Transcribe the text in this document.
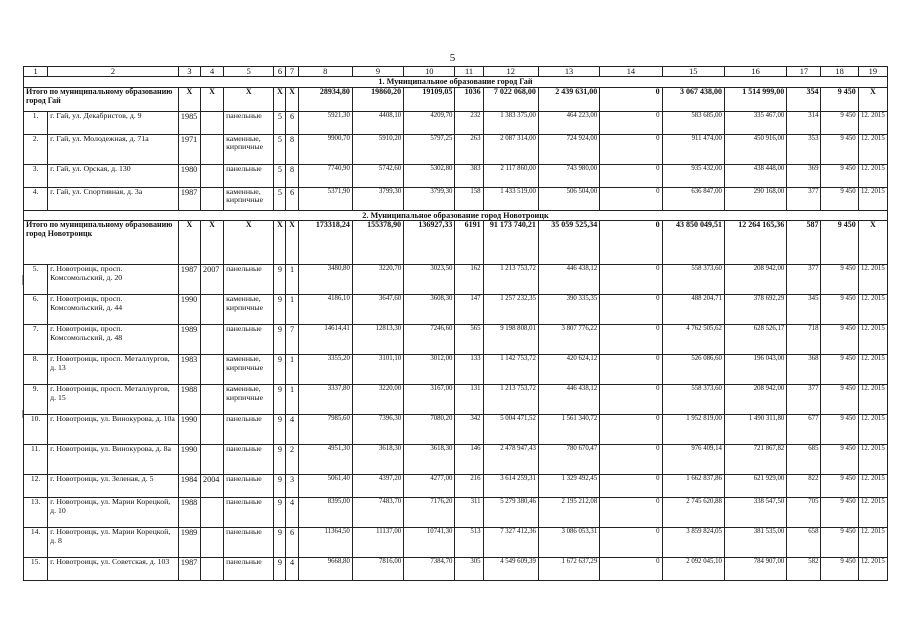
5
1	2	3	4	5	6	7	8	9	10	11	12	13	14	15	16	17	18	19
1. Муниципальное образование город Гай																		
Итого по муниципальному образованию город Гай		X	X	X	X	X	28934,80	19860,20	19109,05	1036	7 022 068,00	2 439 631,00	0	3 067 438,00	1 514 999,00	354	9 450	X
1.	г. Гай, ул. Декабристов, д. 9	1985		панельные	5	6	5921,30	4408,10	4209,70	232	1 383 375,00	464 223,00	0	583 685,00	335 467,00	314	9 450	12. 2015
2.	г. Гай, ул. Молодежная, д. 71а	1971		каменные, кирпичные	5	8	9900,70	5910,20	5797,25	263	2 087 314,00	724 924,00	0	911 474,00	450 916,00	353	9 450	12. 2015
3.	г. Гай, ул. Орская, д. 130	1980		панельные	5	8	7740,90	5742,60	5302,80	383	2 117 860,00	743 980,00	0	935 432,00	438 448,00	369	9 450	12. 2015
4.	г. Гай, ул. Спортивная, д. 3а	1987		каменные, кирпичные	5	6	5371,90	3799,30	3799,30	158	1 433 519,00	506 504,00	0	636 847,00	290 168,00	377	9 450	12. 2015
2. Муниципальное образование город Новотроицк																		
Итого по муниципальному образованию город Новотроицк		X	X	X	X	X	173318,24	155378,90	136927,33	6191	91 173 740,21	35 059 525,34	0	43 850 049,51	12 264 165,36	587	9 450	X
5.	г. Новотроицк, просп. Комсомольский, д. 20	1987	2007	панельные	9	1	3480,80	3220,70	3023,50	162	1 213 753,72	446 438,12	0	558 373,60	208 942,00	377	9 450	12. 2015
6.	г. Новотроицк, просп. Комсомольский, д. 44	1990		каменные, кирпичные	9	1	4186,10	3647,60	3608,30	147	1 257 232,35	390 335,35	0	488 204,71	378 692,29	345	9 450	12. 2015
7.	г. Новотроицк, просп. Комсомольский, д. 48	1989		панельные	9	7	14614,41	12813,30	7246,60	565	9 198 808,01	3 807 776,22	0	4 762 505,62	628 526,17	718	9 450	12. 2015
8.	г. Новотроицк, просп. Металлургов, д. 13	1983		каменные, кирпичные	9	1	3355,20	3101,10	3012,00	133	1 142 753,72	420 624,12	0	526 086,60	196 043,00	368	9 450	12. 2015
9.	г. Новотроицк, просп. Металлургов, д. 15	1988		каменные, кирпичные	9	1	3337,80	3220,00	3167,00	131	1 213 753,72	446 438,12	0	558 373,60	208 942,00	377	9 450	12. 2015
10.	г. Новотроицк, ул. Винокурова, д. 10а	1990		панельные	9	4	7985,60	7396,30	7080,20	342	5 004 471,52	1 561 340,72	0	1 952 819,00	1 490 311,80	677	9 450	12. 2015
11.	г. Новотроицк, ул. Винокурова, д. 8а	1990		панельные	9	2	4951,30	3618,30	3618,30	146	2 478 947,43	780 670,47	0	976 409,14	721 867,82	685	9 450	12. 2015
12.	г. Новотроицк, ул. Зеленая, д. 5	1984	2004	панельные	9	3	5061,40	4397,20	4277,00	216	3 614 259,31	1 329 492,45	0	1 662 837,86	621 929,00	822	9 450	12. 2015
13.	г. Новотроицк, ул. Марии Корецкой, д. 10	1988		панельные	9	4	8395,00	7483,70	7176,20	311	5 279 380,46	2 195 212,08	0	2 745 620,88	338 547,50	705	9 450	12. 2015
14.	г. Новотроицк, ул. Марии Корецкой, д. 8	1989		панельные	9	6	11364,50	11137,00	10741,30	513	7 327 412,36	3 086 053,31	0	3 859 824,05	381 535,00	658	9 450	12. 2015
15.	г. Новотроицк, ул. Советская, д. 103	1987		панельные	9	4	9668,80	7816,00	7384,70	305	4 549 609,39	1 672 637,29	0	2 092 045,10	784 907,00	582	9 450	12. 2015
